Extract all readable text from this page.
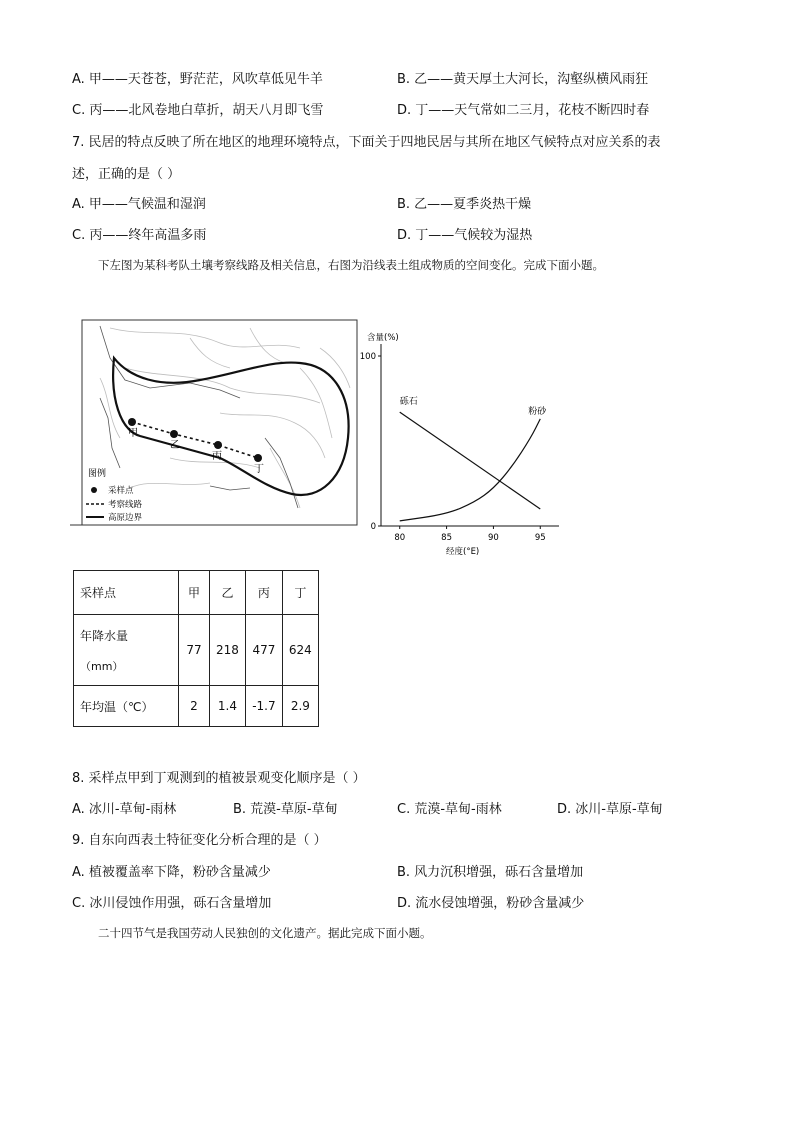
A. 甲——天苍苍，野茫茫，风吹草低见牛羊	B. 乙——黄天厚土大河长，沟壑纵横风雨狂
C. 丙——北风卷地白草折，胡天八月即飞雪	D. 丁——天气常如二三月，花枝不断四时春
7. 民居的特点反映了所在地区的地理环境特点，下面关于四地民居与其所在地区气候特点对应关系的表
述，正确的是（ ）
A. 甲——气候温和湿润	B. 乙——夏季炎热干燥
C. 丙——终年高温多雨	D. 丁——气候较为湿热
下左图为某科考队土壤考察线路及相关信息，右图为沿线表土组成物质的空间变化。完成下面小题。
甲
乙
丙
丁
图例
采样点
考察线路
高原边界
0
100
80	85	90	95
含量(%)
经度(°E)
砾石
粉砂
采样点	甲	乙	丙	丁

年降水量
（mm）	77	218	477	624
年均温（℃）	2	1.4	-1.7	2.9
8. 采样点甲到丁观测到的植被景观变化顺序是（ ）
A. 冰川-草甸-雨林	B. 荒漠-草原-草甸	C. 荒漠-草甸-雨林	D. 冰川-草原-草甸
9. 自东向西表土特征变化分析合理的是（ ）
A. 植被覆盖率下降，粉砂含量减少	B. 风力沉积增强，砾石含量增加
C. 冰川侵蚀作用强，砾石含量增加	D. 流水侵蚀增强，粉砂含量减少
二十四节气是我国劳动人民独创的文化遗产。据此完成下面小题。
